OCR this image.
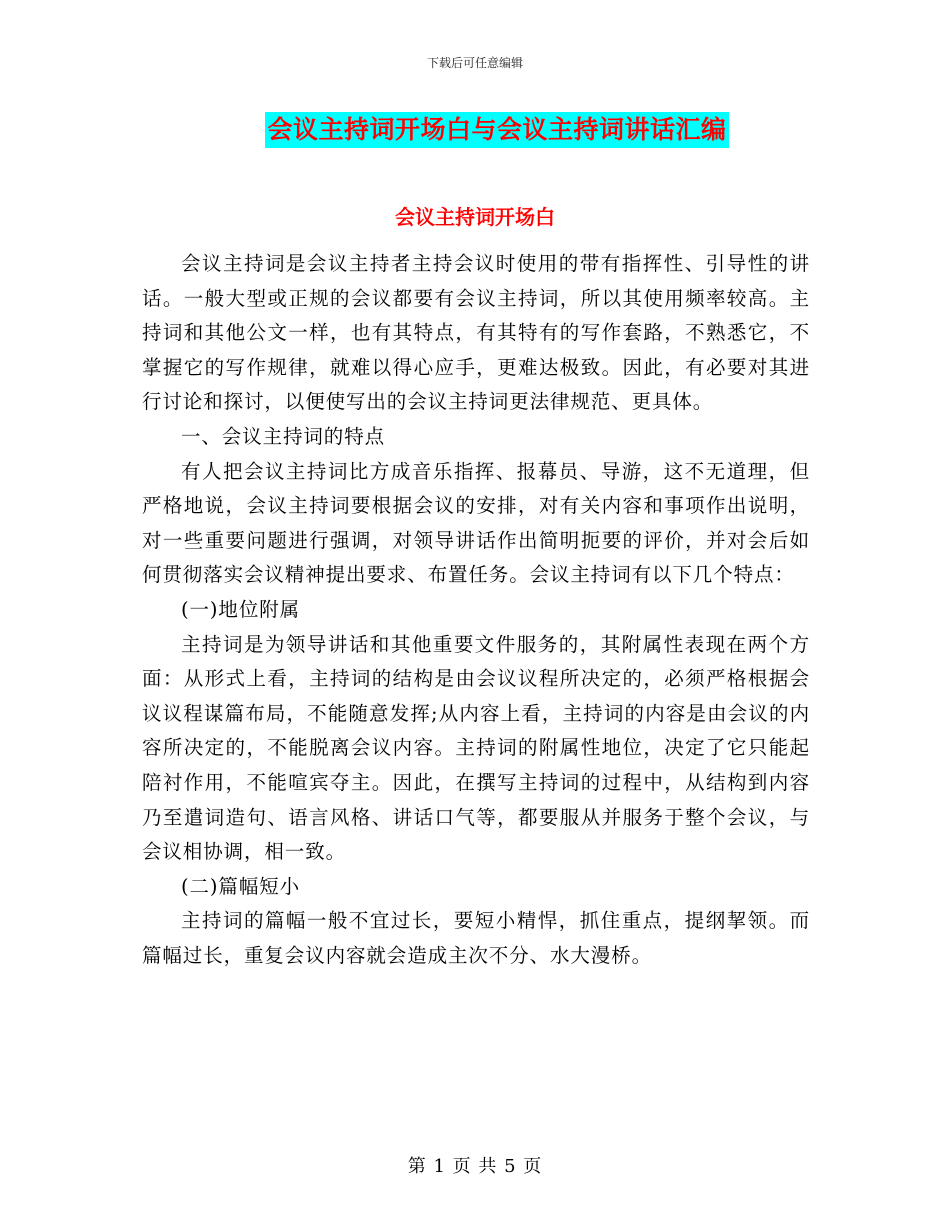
下载后可任意编辑
会议主持词开场白与会议主持词讲话汇编
会议主持词开场白

会议主持词是会议主持者主持会议时使用的带有指挥性、引导性的讲话。一般大型或正规的会议都要有会议主持词，所以其使用频率较高。主持词和其他公文一样，也有其特点，有其特有的写作套路，不熟悉它，不掌握它的写作规律，就难以得心应手，更难达极致。因此，有必要对其进行讨论和探讨，以便使写出的会议主持词更法律规范、更具体。

一、会议主持词的特点

有人把会议主持词比方成音乐指挥、报幕员、导游，这不无道理，但严格地说，会议主持词要根据会议的安排，对有关内容和事项作出说明，对一些重要问题进行强调，对领导讲话作出简明扼要的评价，并对会后如何贯彻落实会议精神提出要求、布置任务。会议主持词有以下几个特点：

(一)地位附属

主持词是为领导讲话和其他重要文件服务的，其附属性表现在两个方面：从形式上看，主持词的结构是由会议议程所决定的，必须严格根据会议议程谋篇布局，不能随意发挥;从内容上看，主持词的内容是由会议的内容所决定的，不能脱离会议内容。主持词的附属性地位，决定了它只能起陪衬作用，不能喧宾夺主。因此，在撰写主持词的过程中，从结构到内容乃至遣词造句、语言风格、讲话口气等，都要服从并服务于整个会议，与会议相协调，相一致。

(二)篇幅短小

主持词的篇幅一般不宜过长，要短小精悍，抓住重点，提纲挈领。而篇幅过长，重复会议内容就会造成主次不分、水大漫桥。

第 1 页 共 5 页
